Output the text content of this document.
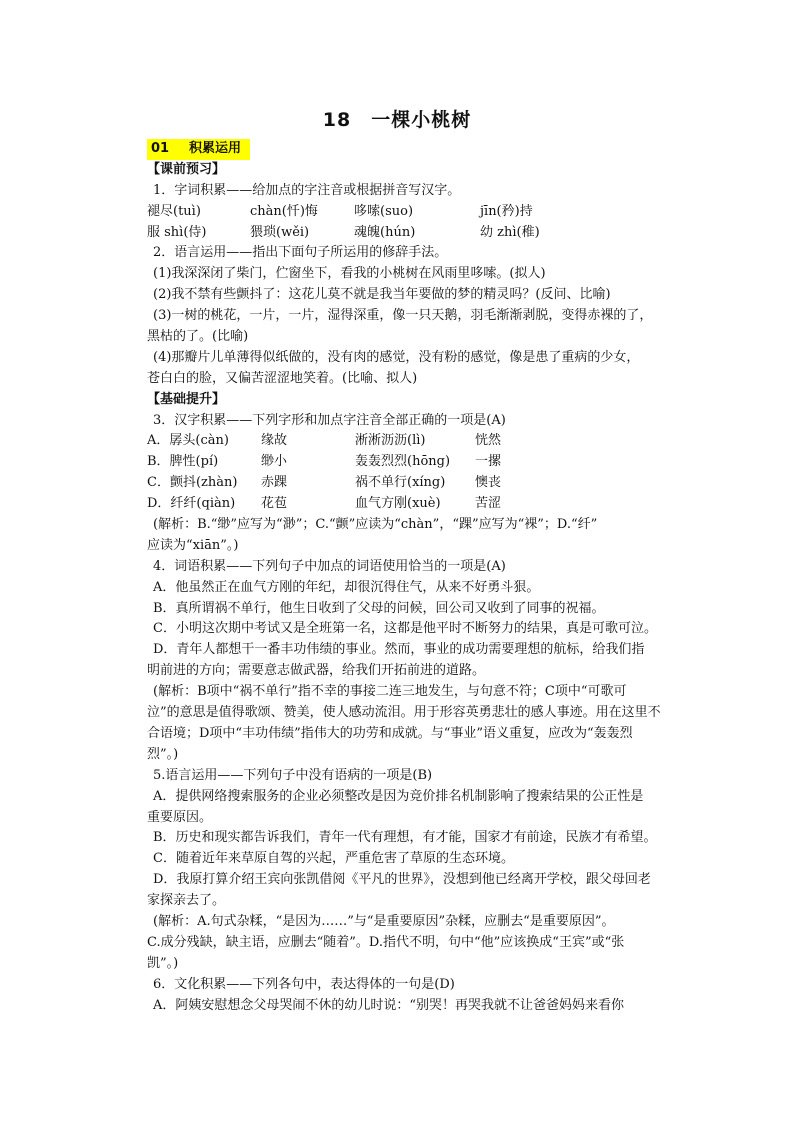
18　一棵小桃树
01 积累运用
【课前预习】
1．字词积累——给加点的字注音或根据拼音写汉字。
褪尽(tuì)	chàn(忏)悔	哆嗦(suo)	jīn(矜)持
服 shì(侍)	猥琐(wěi)	魂魄(hún)	幼 zhì(稚)
2．语言运用——指出下面句子所运用的修辞手法。
(1)我深深闭了柴门，伫窗坐下，看我的小桃树在风雨里哆嗦。(拟人)
(2)我不禁有些颤抖了：这花儿莫不就是我当年要做的梦的精灵吗？(反问、比喻)
(3)一树的桃花，一片，一片，湿得深重，像一只天鹅，羽毛渐渐剥脱，变得赤裸的了，
黑枯的了。(比喻)
(4)那瓣片儿单薄得似纸做的，没有肉的感觉，没有粉的感觉，像是患了重病的少女，
苍白白的脸，又偏苦涩涩地笑着。(比喻、拟人)
【基础提升】
3．汉字积累——下列字形和加点字注音全部正确的一项是(A)
A．孱头(càn)	缘故	淅淅沥沥(lì)	恍然
B．脾性(pí)	缈小	轰轰烈烈(hōng)	一摞
C．颤抖(zhàn)	赤踝	祸不单行(xíng)	懊丧
D．纤纤(qiàn)	花苞	血气方刚(xuè)	苦涩
(解析：B.“缈”应写为“渺”；C.“颤”应读为“chàn”，“踝”应写为“裸”；D.“纤”
应读为“xiān”。)
4．词语积累——下列句子中加点的词语使用恰当的一项是(A)
A．他虽然正在血气方刚的年纪，却很沉得住气，从来不好勇斗狠。
B．真所谓祸不单行，他生日收到了父母的问候，回公司又收到了同事的祝福。
C．小明这次期中考试又是全班第一名，这都是他平时不断努力的结果，真是可歌可泣。
D．青年人都想干一番丰功伟绩的事业。然而，事业的成功需要理想的航标，给我们指
明前进的方向；需要意志做武器，给我们开拓前进的道路。
(解析：B项中“祸不单行”指不幸的事接二连三地发生，与句意不符；C项中“可歌可
泣”的意思是值得歌颂、赞美，使人感动流泪。用于形容英勇悲壮的感人事迹。用在这里不
合语境；D项中“丰功伟绩”指伟大的功劳和成就。与“事业”语义重复，应改为“轰轰烈
烈”。)
5.语言运用——下列句子中没有语病的一项是(B)
A．提供网络搜索服务的企业必须整改是因为竞价排名机制影响了搜索结果的公正性是
重要原因。
B．历史和现实都告诉我们，青年一代有理想，有才能，国家才有前途，民族才有希望。
C．随着近年来草原自驾的兴起，严重危害了草原的生态环境。
D．我原打算介绍王宾向张凯借阅《平凡的世界》，没想到他已经离开学校，跟父母回老
家探亲去了。
(解析：A.句式杂糅，“是因为……”与“是重要原因”杂糅，应删去“是重要原因”。
C.成分残缺，缺主语，应删去“随着”。D.指代不明，句中“他”应该换成“王宾”或“张
凯”。)
6．文化积累——下列各句中，表达得体的一句是(D)
A．阿姨安慰想念父母哭闹不休的幼儿时说：“别哭！再哭我就不让爸爸妈妈来看你
